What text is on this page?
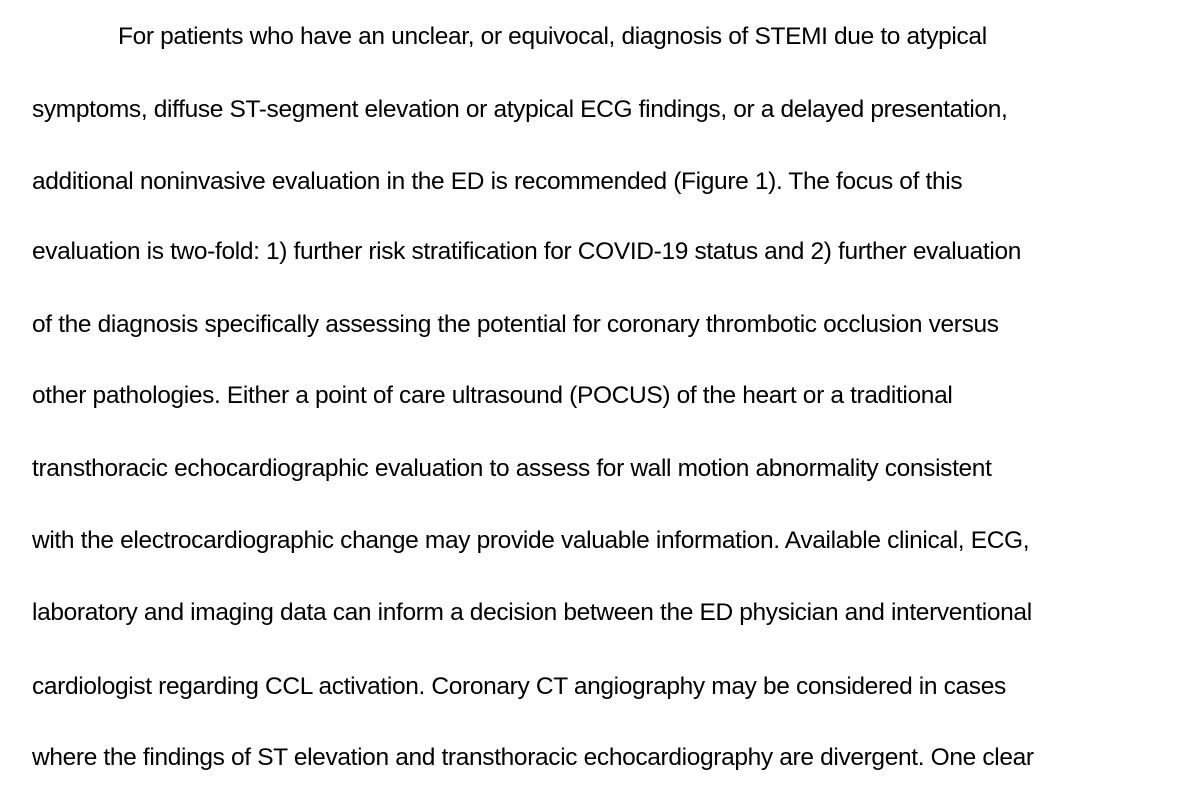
For patients who have an unclear, or equivocal, diagnosis of STEMI due to atypical
symptoms, diffuse ST-segment elevation or atypical ECG findings, or a delayed presentation,
additional noninvasive evaluation in the ED is recommended (Figure 1). The focus of this
evaluation is two-fold: 1) further risk stratification for COVID-19 status and 2) further evaluation
of the diagnosis specifically assessing the potential for coronary thrombotic occlusion versus
other pathologies. Either a point of care ultrasound (POCUS) of the heart or a traditional
transthoracic echocardiographic evaluation to assess for wall motion abnormality consistent
with the electrocardiographic change may provide valuable information. Available clinical, ECG,
laboratory and imaging data can inform a decision between the ED physician and interventional
cardiologist regarding CCL activation. Coronary CT angiography may be considered in cases
where the findings of ST elevation and transthoracic echocardiography are divergent. One clear
